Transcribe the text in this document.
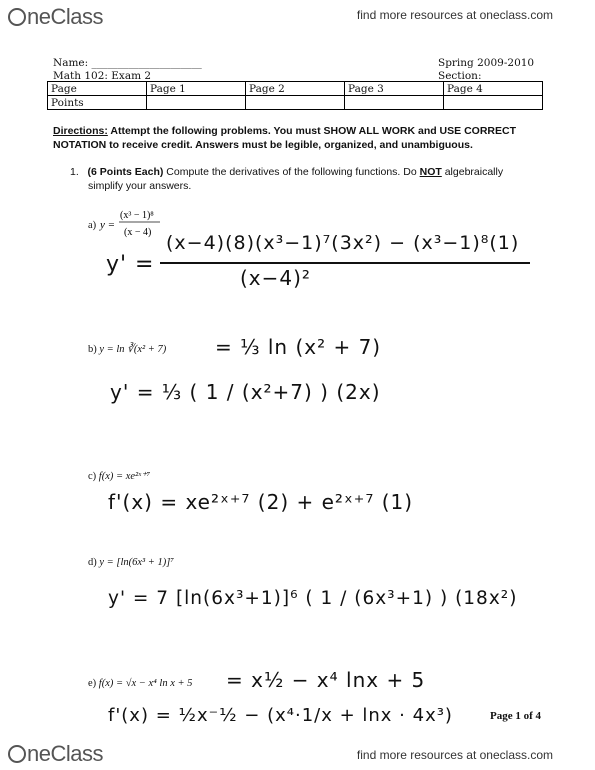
neClass	find more resources at oneclass.com
Name: _____________________
Math 102: Exam 2
Spring 2009-2010
Section:________
Page	Page 1	Page 2	Page 3	Page 4
Points				
Directions: Attempt the following problems. You must SHOW ALL WORK and USE CORRECT
NOTATION to receive credit. Answers must be legible, organized, and unambiguous.
1. (6 Points Each) Compute the derivatives of the following functions. Do NOT algebraically
simplify your answers.
a) y =
(x³ − 1)⁸
(x − 4) (x−4)(8)(x³−1)⁷(3x²) − (x³−1)⁸(1)
y' =
(x−4)²
b) y = ln ∛(x² + 7) = ⅓ ln (x² + 7)
y' = ⅓ ( 1 / (x²+7) ) (2x)
c) f(x) = xe²ˣ⁺⁷
f'(x) = xe²ˣ⁺⁷ (2) + e²ˣ⁺⁷ (1)
d) y = [ln(6x³ + 1)]⁷
y' = 7 [ln(6x³+1)]⁶ ( 1 / (6x³+1) ) (18x²)
e) f(x) = √x − x⁴ ln x + 5 = x½ − x⁴ lnx + 5
f'(x) = ½x⁻½ − (x⁴·1/x + lnx · 4x³)	Page 1 of 4
neClass	find more resources at oneclass.com
